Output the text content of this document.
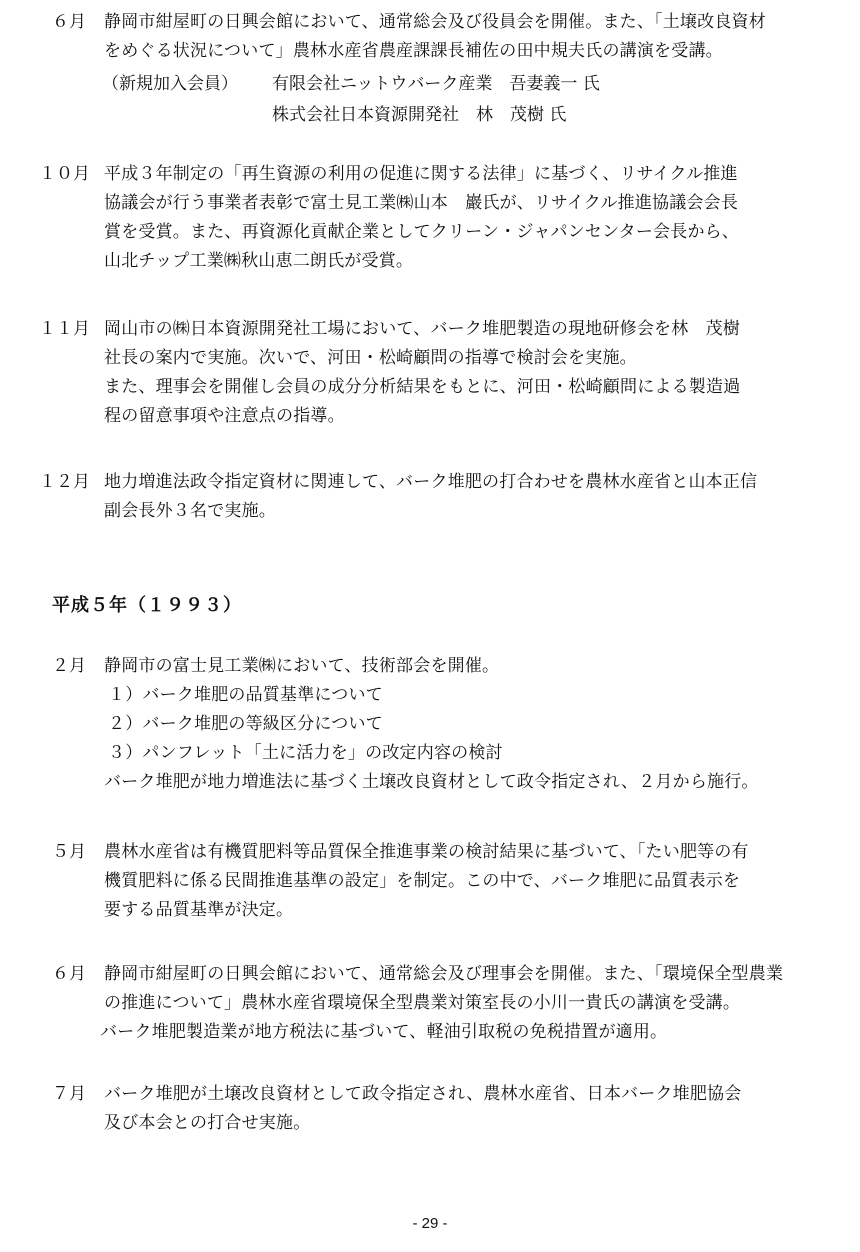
６月 静岡市紺屋町の日興会館において、通常総会及び役員会を開催。また、「土壌改良資材
をめぐる状況について」農林水産省農産課課長補佐の田中規夫氏の講演を受講。
（新規加入会員） 有限会社ニットウバーク産業　吾妻義一 氏
株式会社日本資源開発社　林　茂樹 氏
１０月 平成３年制定の「再生資源の利用の促進に関する法律」に基づく、リサイクル推進
協議会が行う事業者表彰で富士見工業㈱山本　巖氏が、リサイクル推進協議会会長
賞を受賞。また、再資源化貢献企業としてクリーン・ジャパンセンター会長から、
山北チップ工業㈱秋山恵二朗氏が受賞。
１１月 岡山市の㈱日本資源開発社工場において、バーク堆肥製造の現地研修会を林　茂樹
社長の案内で実施。次いで、河田・松崎顧問の指導で検討会を実施。
また、理事会を開催し会員の成分分析結果をもとに、河田・松崎顧問による製造過
程の留意事項や注意点の指導。
１２月 地力増進法政令指定資材に関連して、バーク堆肥の打合わせを農林水産省と山本正信
副会長外３名で実施。
平成５年（１９９３）
２月 静岡市の富士見工業㈱において、技術部会を開催。
１）バーク堆肥の品質基準について
２）バーク堆肥の等級区分について
３）パンフレット「土に活力を」の改定内容の検討
バーク堆肥が地力増進法に基づく土壌改良資材として政令指定され、２月から施行。
５月 農林水産省は有機質肥料等品質保全推進事業の検討結果に基づいて、「たい肥等の有
機質肥料に係る民間推進基準の設定」を制定。この中で、バーク堆肥に品質表示を
要する品質基準が決定。
６月 静岡市紺屋町の日興会館において、通常総会及び理事会を開催。また、「環境保全型農業
の推進について」農林水産省環境保全型農業対策室長の小川一貴氏の講演を受講。
バーク堆肥製造業が地方税法に基づいて、軽油引取税の免税措置が適用。
７月 バーク堆肥が土壌改良資材として政令指定され、農林水産省、日本バーク堆肥協会
及び本会との打合せ実施。
- 29 -
